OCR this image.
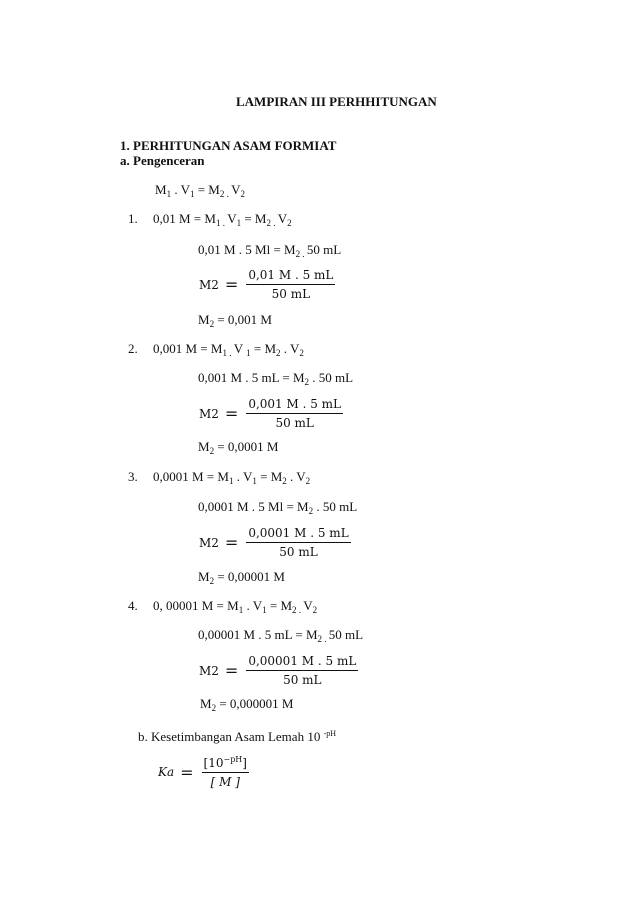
LAMPIRAN III PERHHITUNGAN
1. PERHITUNGAN ASAM FORMIAT
a. Pengenceran
$M_1$ . $V_1 = M_{2 .}$ $V_2$
1. 0,01 $M = M_{1 .}$ $V_1 = M_{2 .}$ $V_2$
0,01 M . 5 $Ml = M_{2 .}$ 50 mL
$M2 = \frac{0,01 M . 5 mL}{50 mL}$
$M_2 = 0,001$ M
2. 0,001 $M = M_{1 .}$ V $_1 = M_2$ . $V_2$
0,001 M . 5 mL = $M_2$ . 50 mL
$M2 = \frac{0,001 M . 5 mL}{50 mL}$
$M_2 = 0,0001$ M
3. 0,0001 $M = M_1$ . $V_1 = M_2$ . $V_2$
0,0001 M . 5 $Ml = M_2$ . 50 mL
$M2 = \frac{0,0001 M . 5 mL}{50 mL}$
$M_2 = 0,00001$ M
4. 0, 00001 $M = M_1$ . $V_1 = M_{2 .}$ $V_2$
0,00001 M . 5 mL = $M_{2 .}$ 50 mL
$M2 = \frac{0,00001 M . 5 mL}{50 mL}$
$M_2 = 0,000001$ M
b. Kesetimbangan Asam Lemah 10 $^{-pH}$
$Ka = \frac{[10^{-pH}]}{[ M ]}$
